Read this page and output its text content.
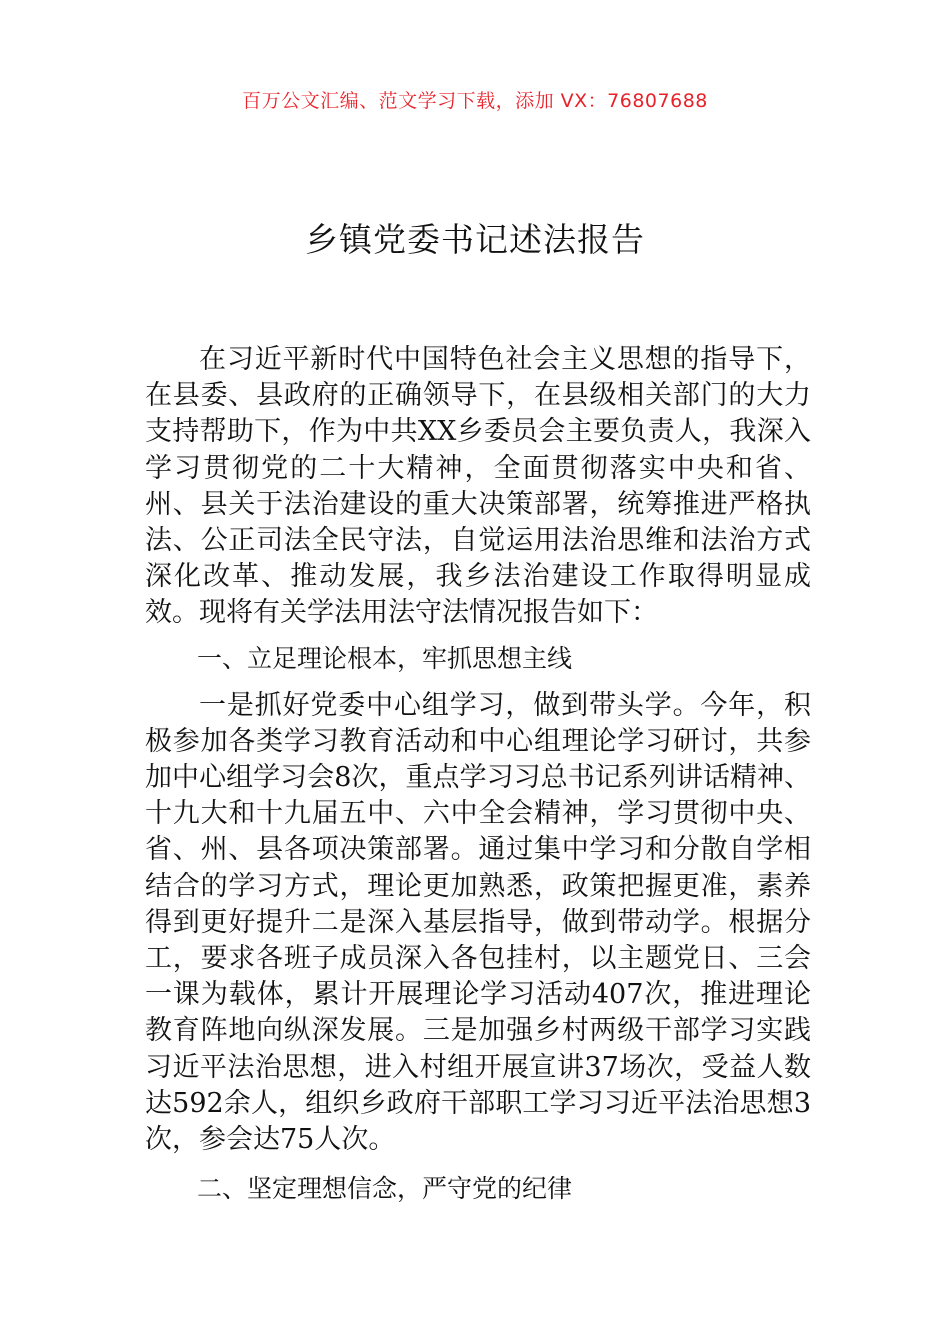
百万公文汇编、范文学习下载，添加 VX：76807688
乡镇党委书记述法报告

在习近平新时代中国特色社会主义思想的指导下，在县委、县政府的正确领导下，在县级相关部门的大力支持帮助下，作为中共XX乡委员会主要负责人，我深入学习贯彻党的二十大精神，全面贯彻落实中央和省、州、县关于法治建设的重大决策部署，统筹推进严格执法、公正司法全民守法，自觉运用法治思维和法治方式深化改革、推动发展，我乡法治建设工作取得明显成效。现将有关学法用法守法情况报告如下：

一、立足理论根本，牢抓思想主线

一是抓好党委中心组学习，做到带头学。今年，积极参加各类学习教育活动和中心组理论学习研讨，共参加中心组学习会8次，重点学习习总书记系列讲话精神、十九大和十九届五中、六中全会精神，学习贯彻中央、省、州、县各项决策部署。通过集中学习和分散自学相结合的学习方式，理论更加熟悉，政策把握更准，素养得到更好提升二是深入基层指导，做到带动学。根据分工，要求各班子成员深入各包挂村，以主题党日、三会一课为载体，累计开展理论学习活动407次，推进理论教育阵地向纵深发展。三是加强乡村两级干部学习实践习近平法治思想，进入村组开展宣讲37场次，受益人数达592余人，组织乡政府干部职工学习习近平法治思想3次，参会达75人次。

二、坚定理想信念，严守党的纪律
